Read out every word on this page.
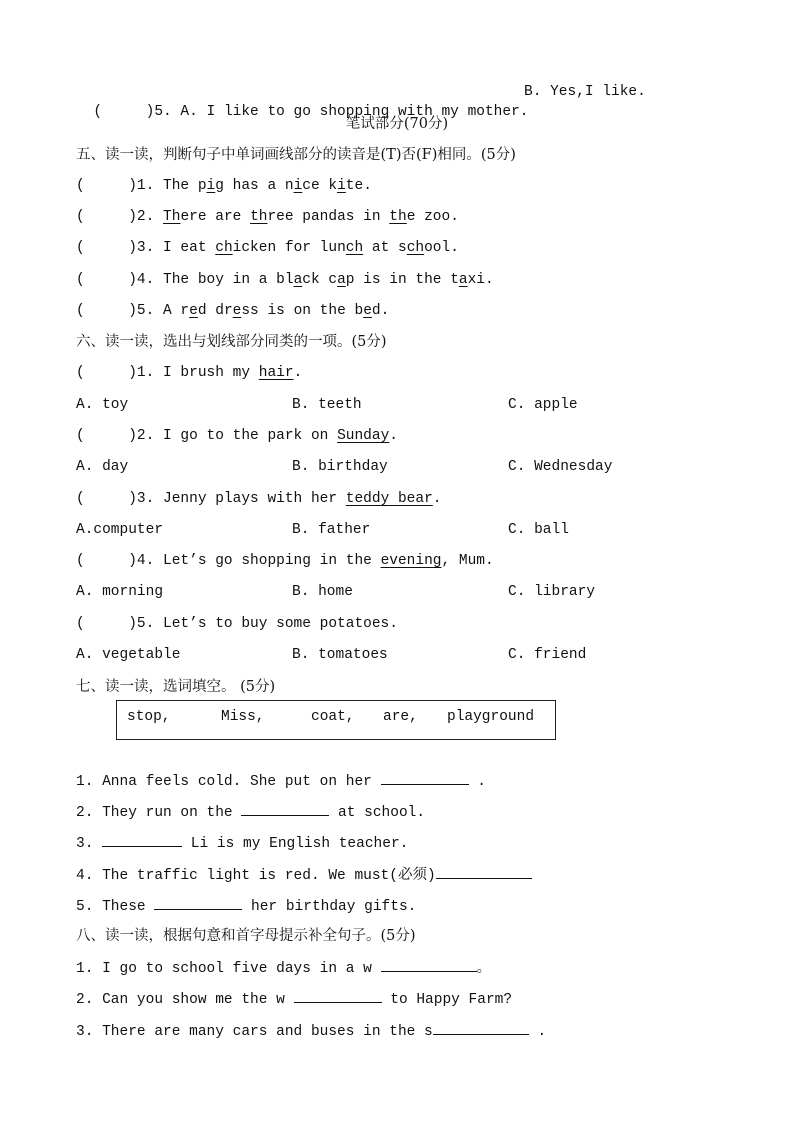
(     )5. A. I like to go shopping with my mother.

B. Yes,I like.
笔试部分(70分)
五、读一读，判断句子中单词画线部分的读音是(T)否(F)相同。(5分)
(     )1. The pig has a nice kite.
(     )2. There are three pandas in the zoo.
(     )3. I eat chicken for lunch at school.
(     )4. The boy in a black cap is in the taxi.
(     )5. A red dress is on the bed.
六、读一读，选出与划线部分同类的一项。(5分)
(     )1. I brush my hair.
A. toy	B. teeth	C. apple
(     )2. I go to the park on Sunday.
A. day	B. birthday	C. Wednesday
(     )3. Jenny plays with her teddy bear.
A.computer	B. father	C. ball
(     )4. Let’s go shopping in the evening, Mum.
A. morning	B. home	C. library
(     )5. Let’s to buy some potatoes.
A. vegetable	B. tomatoes	C. friend
七、读一读，选词填空。 (5分)
stop,	Miss,	coat, are, playground
1. Anna feels cold. She put on her	.
2. They run on the	at school.
3.	Li is my English teacher.
4. The traffic light is red. We must(必须)
5. These	her birthday gifts.
八、读一读，根据句意和首字母提示补全句子。(5分)
1. I go to school five days in a w	。
2. Can you show me the w	to Happy Farm?
3. There are many cars and buses in the s	.
